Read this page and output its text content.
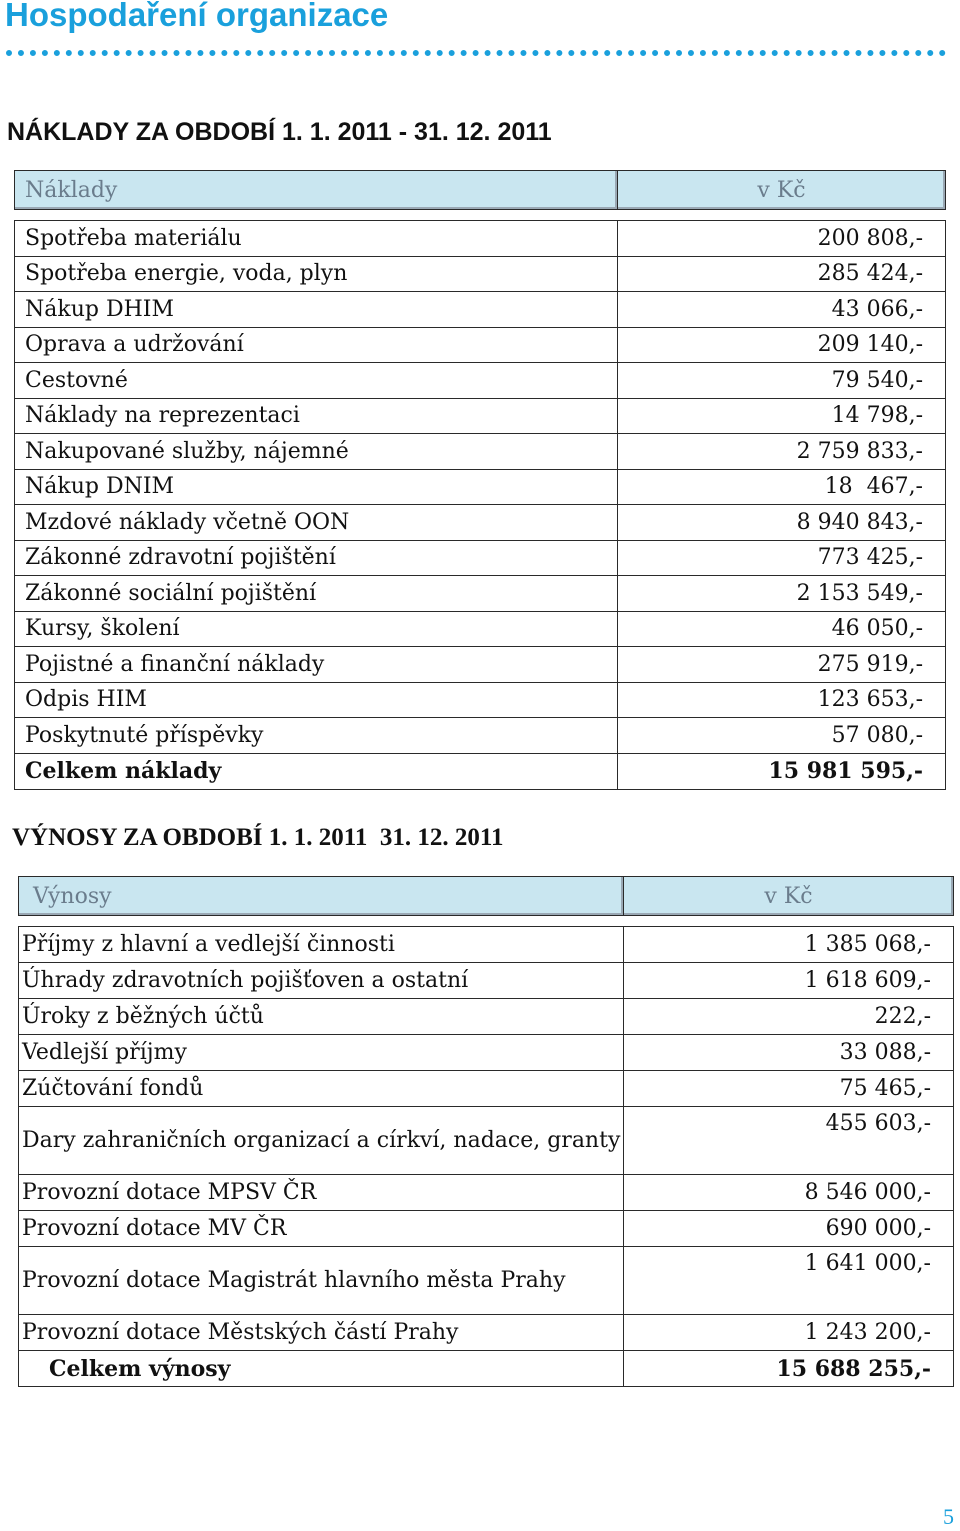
Hospodaření organizace
NÁKLADY ZA OBDOBÍ 1. 1. 2011 - 31. 12. 2011
Náklady	v Kč

Spotřeba materiálu	200 808,-
Spotřeba energie, voda, plyn	285 424,-
Nákup DHIM	43 066,-
Oprava a udržování	209 140,-
Cestovné	79 540,-
Náklady na reprezentaci	14 798,-
Nakupované služby, nájemné	2 759 833,-
Nákup DNIM	18  467,-
Mzdové náklady včetně OON	8 940 843,-
Zákonné zdravotní pojištění	773 425,-
Zákonné sociální pojištění	2 153 549,-
Kursy, školení	46 050,-
Pojistné a finanční náklady	275 919,-
Odpis HIM	123 653,-
Poskytnuté příspěvky	57 080,-
Celkem náklady	15 981 595,-
VÝNOSY ZA OBDOBÍ 1. 1. 2011  31. 12. 2011
Výnosy	v Kč

Příjmy z hlavní a vedlejší činnosti	1 385 068,-
Úhrady zdravotních pojišťoven a ostatní	1 618 609,-
Úroky z běžných účtů	222,-
Vedlejší příjmy	33 088,-
Zúčtování fondů	75 465,-
Dary zahraničních organizací a církví, nadace, granty	455 603,-
Provozní dotace MPSV ČR	8 546 000,-
Provozní dotace MV ČR	690 000,-
Provozní dotace Magistrát hlavního města Prahy	1 641 000,-
Provozní dotace Městských částí Prahy	1 243 200,-
Celkem výnosy	15 688 255,-
5
